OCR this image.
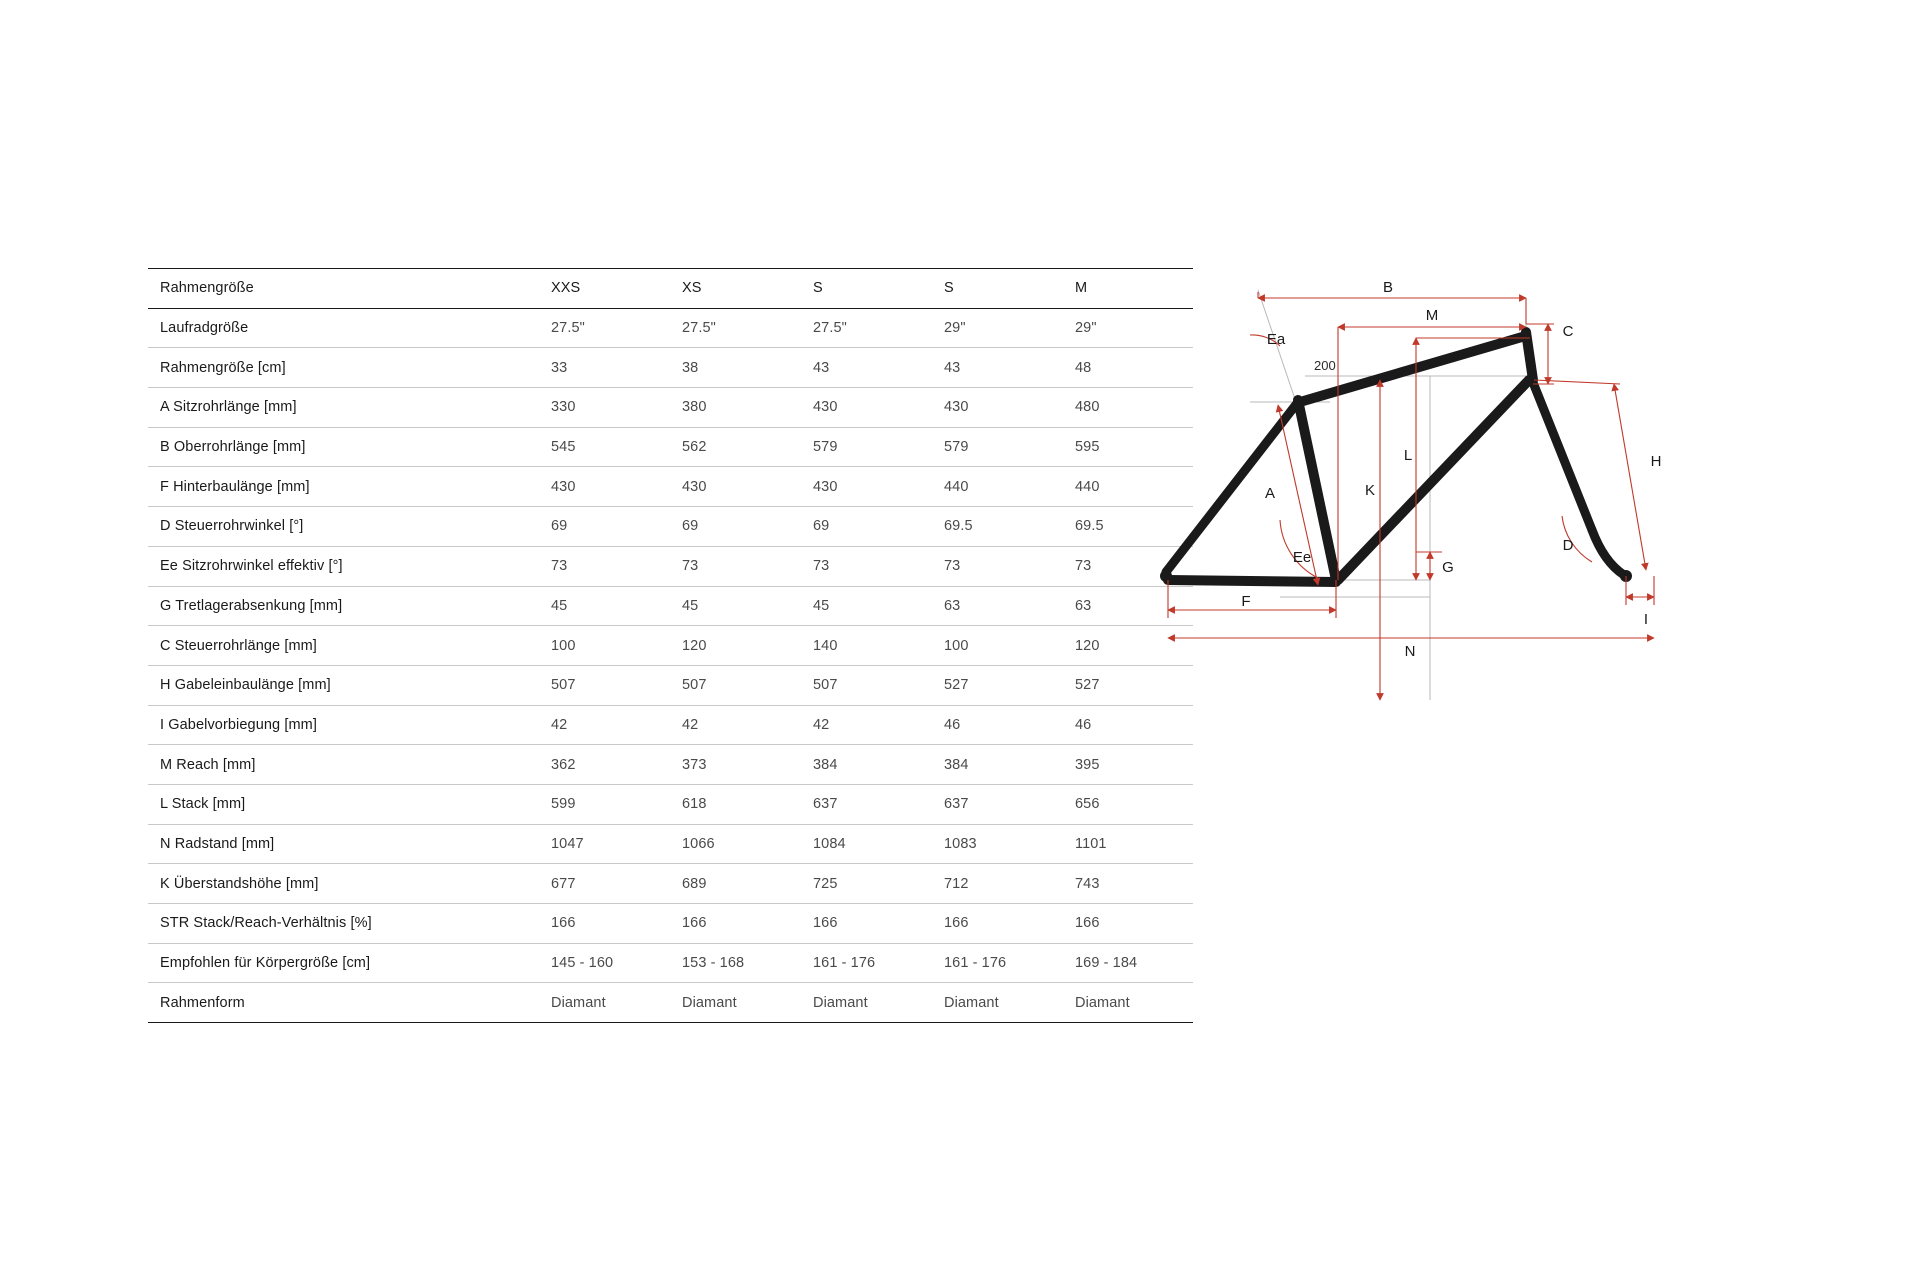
Rahmengröße	XXS	XS	S	S	M
Laufradgröße	27.5"	27.5"	27.5"	29"	29"
Rahmengröße [cm]	33	38	43	43	48
A Sitzrohrlänge [mm]	330	380	430	430	480
B Oberrohrlänge [mm]	545	562	579	579	595
F Hinterbaulänge [mm]	430	430	430	440	440
D Steuerrohrwinkel [°]	69	69	69	69.5	69.5
Ee Sitzrohrwinkel effektiv [°]	73	73	73	73	73
G Tretlagerabsenkung [mm]	45	45	45	63	63
C Steuerrohrlänge [mm]	100	120	140	100	120
H Gabeleinbaulänge [mm]	507	507	507	527	527
I Gabelvorbiegung [mm]	42	42	42	46	46
M Reach [mm]	362	373	384	384	395
L Stack [mm]	599	618	637	637	656
N Radstand [mm]	1047	1066	1084	1083	1101
K Überstandshöhe [mm]	677	689	725	712	743
STR Stack/Reach-Verhältnis [%]	166	166	166	166	166
Empfohlen für Körpergröße [cm]	145 - 160	153 - 168	161 - 176	161 - 176	169 - 184
Rahmenform	Diamant	Diamant	Diamant	Diamant	Diamant
B
M
C
Ea
200
A
L
K
H
D
G
Ee
F
I
N
